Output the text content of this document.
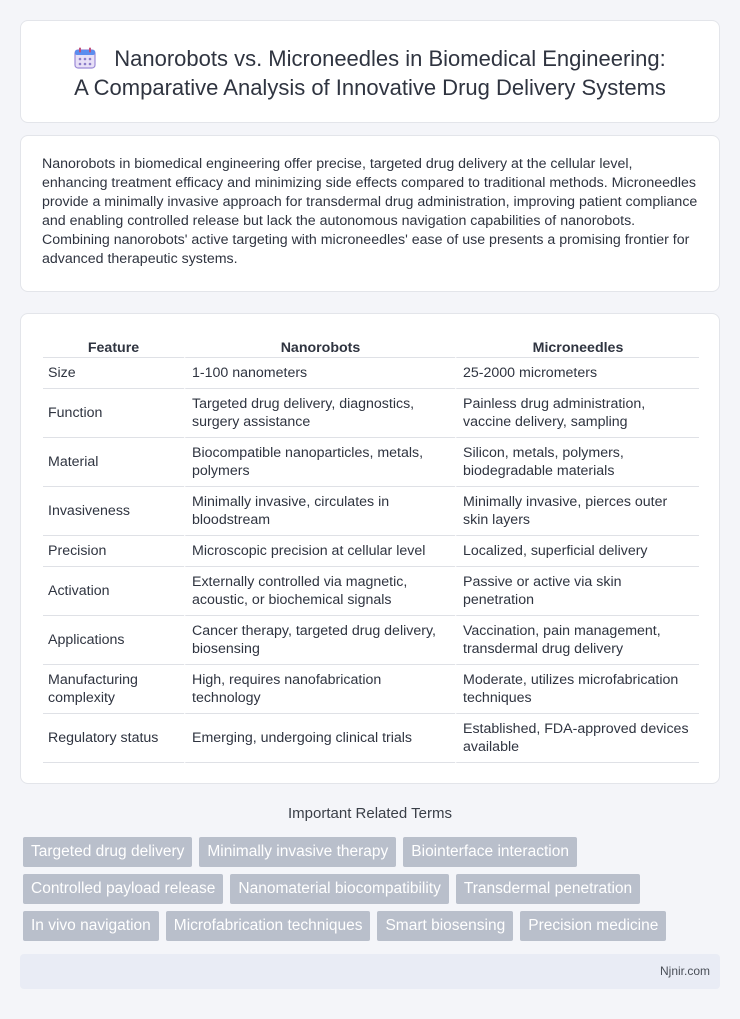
Nanorobots vs. Microneedles in Biomedical Engineering:
A Comparative Analysis of Innovative Drug Delivery Systems

Nanorobots in biomedical engineering offer precise, targeted drug delivery at the cellular level, enhancing treatment efficacy and minimizing side effects compared to traditional methods. Microneedles provide a minimally invasive approach for transdermal drug administration, improving patient compliance and enabling controlled release but lack the autonomous navigation capabilities of nanorobots. Combining nanorobots' active targeting with microneedles' ease of use presents a promising frontier for advanced therapeutic systems.

Feature	Nanorobots	Microneedles
Size	1-100 nanometers	25-2000 micrometers
Function	Targeted drug delivery, diagnostics, surgery assistance	Painless drug administration, vaccine delivery, sampling
Material	Biocompatible nanoparticles, metals, polymers	Silicon, metals, polymers, biodegradable materials
Invasiveness	Minimally invasive, circulates in bloodstream	Minimally invasive, pierces outer skin layers
Precision	Microscopic precision at cellular level	Localized, superficial delivery
Activation	Externally controlled via magnetic, acoustic, or biochemical signals	Passive or active via skin penetration
Applications	Cancer therapy, targeted drug delivery, biosensing	Vaccination, pain management, transdermal drug delivery
Manufacturing complexity	High, requires nanofabrication technology	Moderate, utilizes microfabrication techniques
Regulatory status	Emerging, undergoing clinical trials	Established, FDA-approved devices available
Important Related Terms
Targeted drug delivery	Minimally invasive therapy	Biointerface interaction
Controlled payload release	Nanomaterial biocompatibility	Transdermal penetration
In vivo navigation	Microfabrication techniques	Smart biosensing	Precision medicine
Njnir.com
